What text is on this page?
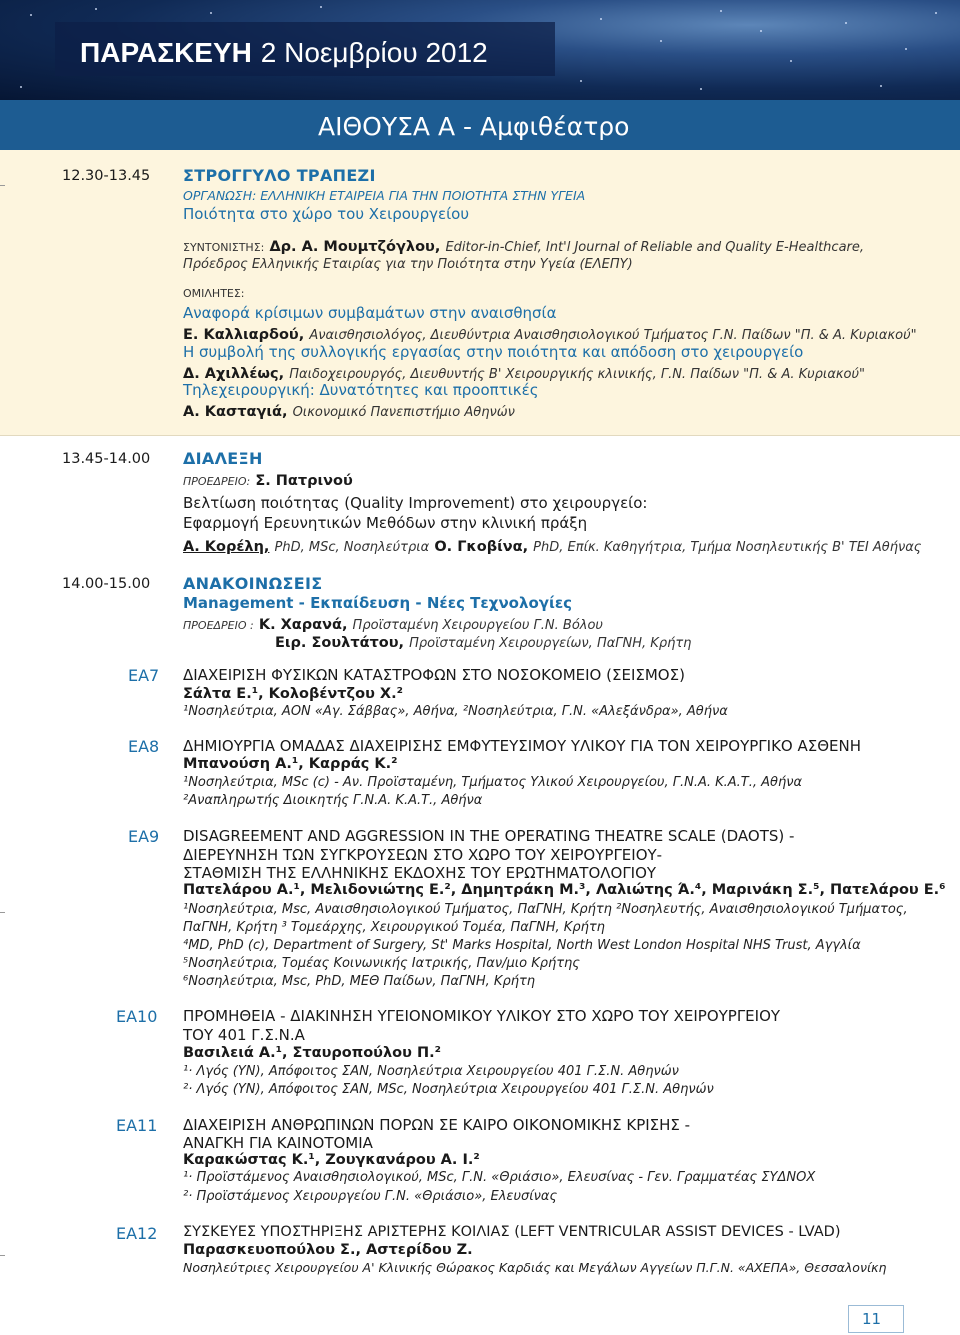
ΠΑΡΑΣΚΕΥΗ 2 Νοεμβρίου 2012
ΑΙΘΟΥΣΑ Α - Αμφιθέατρο
12.30-13.45 ΣΤΡΟΓΓΥΛΟ ΤΡΑΠΕΖΙ
ΟΡΓΑΝΩΣΗ: ΕΛΛΗΝΙΚΗ ΕΤΑΙΡΕΙΑ ΓΙΑ ΤΗΝ ΠΟΙΟΤΗΤΑ ΣΤΗΝ ΥΓΕΙΑ
Ποιότητα στο χώρο του Χειρουργείου
ΣΥΝΤΟΝΙΣΤΗΣ: Δρ. Α. Μουμτζόγλου, Editor-in-Chief, Int'l Journal of Reliable and Quality E-Healthcare,
Πρόεδρος Ελληνικής Εταιρίας για την Ποιότητα στην Υγεία (ΕΛΕΠΥ)
ΟΜΙΛΗΤΕΣ:
Αναφορά κρίσιμων συμβαμάτων στην αναισθησία
Ε. Καλλιαρδού, Αναισθησιολόγος, Διευθύντρια Αναισθησιολογικού Τμήματος Γ.Ν. Παίδων "Π. & Α. Κυριακού"
Η συμβολή της συλλογικής εργασίας στην ποιότητα και απόδοση στο χειρουργείο
Δ. Αχιλλέως, Παιδοχειρουργός, Διευθυντής Β' Χειρουργικής κλινικής, Γ.Ν. Παίδων "Π. & Α. Κυριακού"
Τηλεχειρουργική: Δυνατότητες και προοπτικές
Α. Κασταγιά, Οικονομικό Πανεπιστήμιο Αθηνών
13.45-14.00 ΔΙΑΛΕΞΗ
ΠΡΟΕΔΡΕΙΟ: Σ. Πατρινού
Βελτίωση ποιότητας (Quality Improvement) στο χειρουργείο:
Εφαρμογή Ερευνητικών Μεθόδων στην κλινική πράξη
Α. Κορέλη, PhD, MSc, Νοσηλεύτρια Ο. Γκοβίνα, PhD, Επίκ. Καθηγήτρια, Τμήμα Νοσηλευτικής Β' ΤΕΙ Αθήνας
14.00-15.00 ΑΝΑΚΟΙΝΩΣΕΙΣ
Management - Εκπαίδευση - Νέες Τεχνολογίες
ΠΡΟΕΔΡΕΙΟ : Κ. Χαρανά, Προϊσταμένη Χειρουργείου Γ.Ν. Βόλου
Ειρ. Σουλτάτου, Προϊσταμένη Χειρουργείων, ΠαΓΝΗ, Κρήτη
ΕΑ7 ΔΙΑΧΕΙΡΙΣΗ ΦΥΣΙΚΩΝ ΚΑΤΑΣΤΡΟΦΩΝ ΣΤΟ ΝΟΣΟΚΟΜΕΙΟ (ΣΕΙΣΜΟΣ)
Σάλτα Ε.¹, Κολοβέντζου Χ.²
¹Νοσηλεύτρια, ΑΟΝ «Αγ. Σάββας», Αθήνα, ²Νοσηλεύτρια, Γ.Ν. «Αλεξάνδρα», Αθήνα
ΕΑ8 ΔΗΜΙΟΥΡΓΙΑ ΟΜΑΔΑΣ ΔΙΑΧΕΙΡΙΣΗΣ ΕΜΦΥΤΕΥΣΙΜΟΥ ΥΛΙΚΟΥ ΓΙΑ ΤΟΝ ΧΕΙΡΟΥΡΓΙΚΟ ΑΣΘΕΝΗ
Μπανούση Α.¹, Καρράς Κ.²
¹Νοσηλεύτρια, MSc (c) - Αν. Προϊσταμένη, Τμήματος Υλικού Χειρουργείου, Γ.Ν.Α. Κ.Α.Τ., Αθήνα
²Αναπληρωτής Διοικητής Γ.Ν.Α. Κ.Α.Τ., Αθήνα
ΕΑ9 DISAGREEMENT AND AGGRESSION IN THE OPERATING THEATRE SCALE (DAOTS) -
ΔΙΕΡΕΥΝΗΣΗ ΤΩΝ ΣΥΓΚΡΟΥΣΕΩΝ ΣΤΟ ΧΩΡΟ ΤΟΥ ΧΕΙΡΟΥΡΓΕΙΟΥ-
ΣΤΑΘΜΙΣΗ ΤΗΣ ΕΛΛΗΝΙΚΗΣ ΕΚΔΟΧΗΣ ΤΟΥ ΕΡΩΤΗΜΑΤΟΛΟΓΙΟΥ
Πατελάρου Α.¹, Μελιδονιώτης Ε.², Δημητράκη Μ.³, Λαλιώτης Ά.⁴, Μαρινάκη Σ.⁵, Πατελάρου Ε.⁶
¹Νοσηλεύτρια, Msc, Αναισθησιολογικού Τμήματος, ΠαΓΝΗ, Κρήτη ²Νοσηλευτής, Αναισθησιολογικού Τμήματος,
ΠαΓΝΗ, Κρήτη ³ Τομεάρχης, Χειρουργικού Τομέα, ΠαΓΝΗ, Κρήτη
⁴MD, PhD (c), Department of Surgery, St' Marks Hospital, North West London Hospital NHS Trust, Αγγλία
⁵Νοσηλεύτρια, Τομέας Κοινωνικής Ιατρικής, Παν/μιο Κρήτης
⁶Νοσηλεύτρια, Msc, PhD, ΜΕΘ Παίδων, ΠαΓΝΗ, Κρήτη
ΕΑ10 ΠΡΟΜΗΘΕΙΑ - ΔΙΑΚΙΝΗΣΗ ΥΓΕΙΟΝΟΜΙΚΟΥ ΥΛΙΚΟΥ ΣΤΟ ΧΩΡΟ ΤΟΥ ΧΕΙΡΟΥΡΓΕΙΟΥ
ΤΟΥ 401 Γ.Σ.Ν.Α
Βασιλειά Α.¹, Σταυροπούλου Π.²
¹· Λγός (ΥΝ), Απόφοιτος ΣΑΝ, Νοσηλεύτρια Χειρουργείου 401 Γ.Σ.Ν. Αθηνών
²· Λγός (ΥΝ), Απόφοιτος ΣΑΝ, MSc, Νοσηλεύτρια Χειρουργείου 401 Γ.Σ.Ν. Αθηνών
ΕΑ11 ΔΙΑΧΕΙΡΙΣΗ ΑΝΘΡΩΠΙΝΩΝ ΠΟΡΩΝ ΣΕ ΚΑΙΡΟ ΟΙΚΟΝΟΜΙΚΗΣ ΚΡΙΣΗΣ -
ΑΝΑΓΚΗ ΓΙΑ ΚΑΙΝΟΤΟΜΙΑ
Καρακώστας Κ.¹, Ζουγκανάρου Α. Ι.²
¹· Προϊστάμενος Αναισθησιολογικού, MSc, Γ.Ν. «Θριάσιο», Ελευσίνας - Γεν. Γραμματέας ΣΥΔΝΟΧ
²· Προϊστάμενος Χειρουργείου Γ.Ν. «Θριάσιο», Ελευσίνας
ΕΑ12 ΣΥΣΚΕΥΕΣ ΥΠΟΣΤΗΡΙΞΗΣ ΑΡΙΣΤΕΡΗΣ ΚΟΙΛΙΑΣ (LEFT VENTRICULAR ASSIST DEVICES - LVAD)
Παρασκευοπούλου Σ., Αστερίδου Ζ.
Νοσηλεύτριες Χειρουργείου Α' Κλινικής Θώρακος Καρδιάς και Μεγάλων Αγγείων Π.Γ.Ν. «ΑΧΕΠΑ», Θεσσαλονίκη
11
